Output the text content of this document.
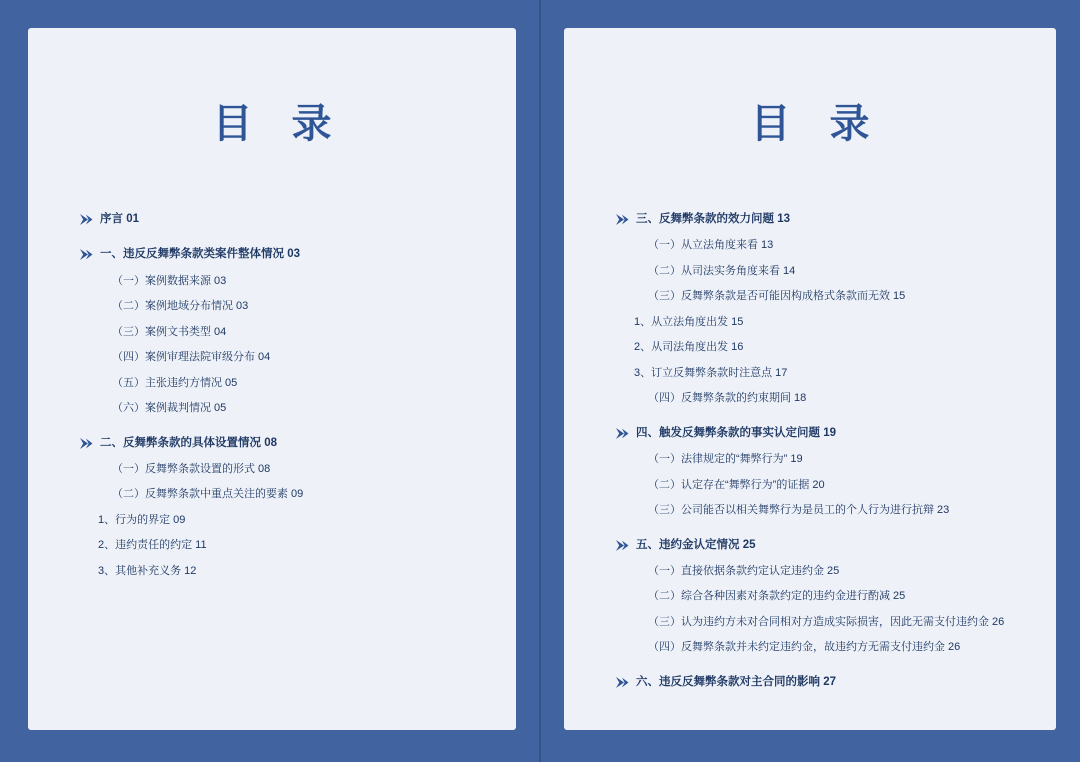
目 录
序言 01
一、违反反舞弊条款类案件整体情况 03
（一）案例数据来源 03
（二）案例地域分布情况 03
（三）案例文书类型 04
（四）案例审理法院审级分布 04
（五）主张违约方情况 05
（六）案例裁判情况 05
二、反舞弊条款的具体设置情况 08
（一）反舞弊条款设置的形式 08
（二）反舞弊条款中重点关注的要素 09
1、行为的界定 09
2、违约责任的约定 11
3、其他补充义务 12
目 录
三、反舞弊条款的效力问题 13
（一）从立法角度来看 13
（二）从司法实务角度来看 14
（三）反舞弊条款是否可能因构成格式条款而无效 15
1、从立法角度出发 15
2、从司法角度出发 16
3、订立反舞弊条款时注意点 17
（四）反舞弊条款的约束期间 18
四、触发反舞弊条款的事实认定问题 19
（一）法律规定的“舞弊行为” 19
（二）认定存在“舞弊行为”的证据 20
（三）公司能否以相关舞弊行为是员工的个人行为进行抗辩 23
五、违约金认定情况 25
（一）直接依据条款约定认定违约金 25
（二）综合各种因素对条款约定的违约金进行酌减 25
（三）认为违约方未对合同相对方造成实际损害，因此无需支付违约金 26
（四）反舞弊条款并未约定违约金，故违约方无需支付违约金 26
六、违反反舞弊条款对主合同的影响 27
